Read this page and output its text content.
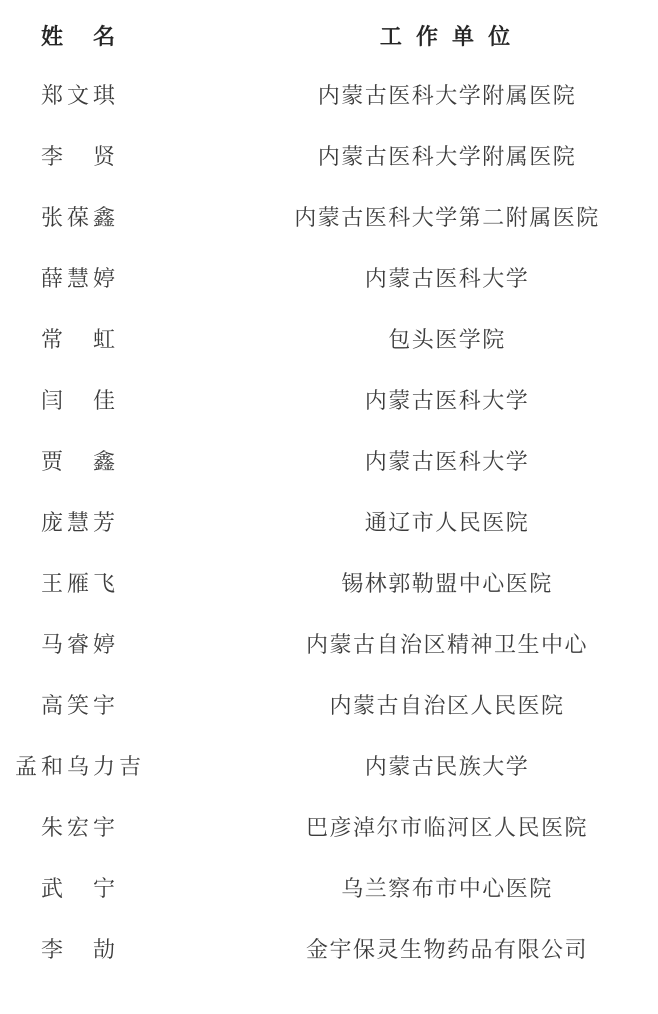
姓　名	工 作 单 位
郑文琪	内蒙古医科大学附属医院
李　贤	内蒙古医科大学附属医院
张葆鑫	内蒙古医科大学第二附属医院
薛慧婷	内蒙古医科大学
常　虹	包头医学院
闫　佳	内蒙古医科大学
贾　鑫	内蒙古医科大学
庞慧芳	通辽市人民医院
王雁飞	锡林郭勒盟中心医院
马睿婷	内蒙古自治区精神卫生中心
高笑宇	内蒙古自治区人民医院
孟和乌力吉	内蒙古民族大学
朱宏宇	巴彦淖尔市临河区人民医院
武　宁	乌兰察布市中心医院
李　劼	金宇保灵生物药品有限公司
